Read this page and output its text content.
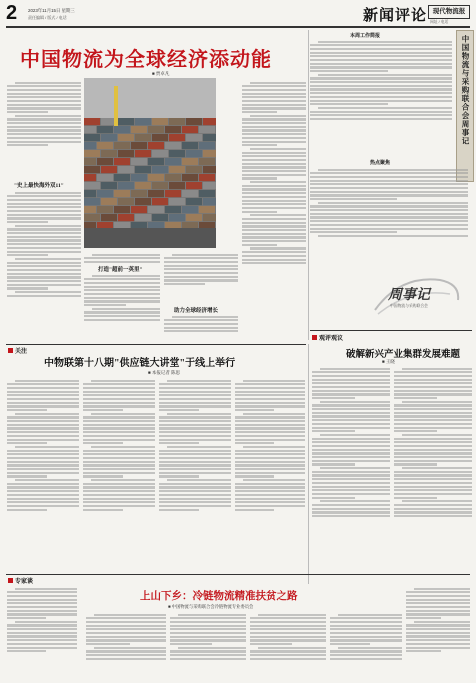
2 2023年11月15日 星期三
责任编辑 / 版式 / 电话	新闻评论 现代物流报
网址 / 电话
中国物流与采购联合会周事记
本周工作简报
热点聚焦
周事记
中国物流与采购联合会
中国物流为全球经济添动能
■ 贾卓凡
"史上最快海外双11"
打造"超前一英里"
助力全球经济增长
观评观议
破解新兴产业集群发展难题
■ 王晓
关注
中物联第十八期"供应链大讲堂"于线上举行
■ 本报记者 陈思
专家谈
上山下乡：冷链物流精准扶贫之路
■ 中国物流与采购联合会冷链物流专业委员会
